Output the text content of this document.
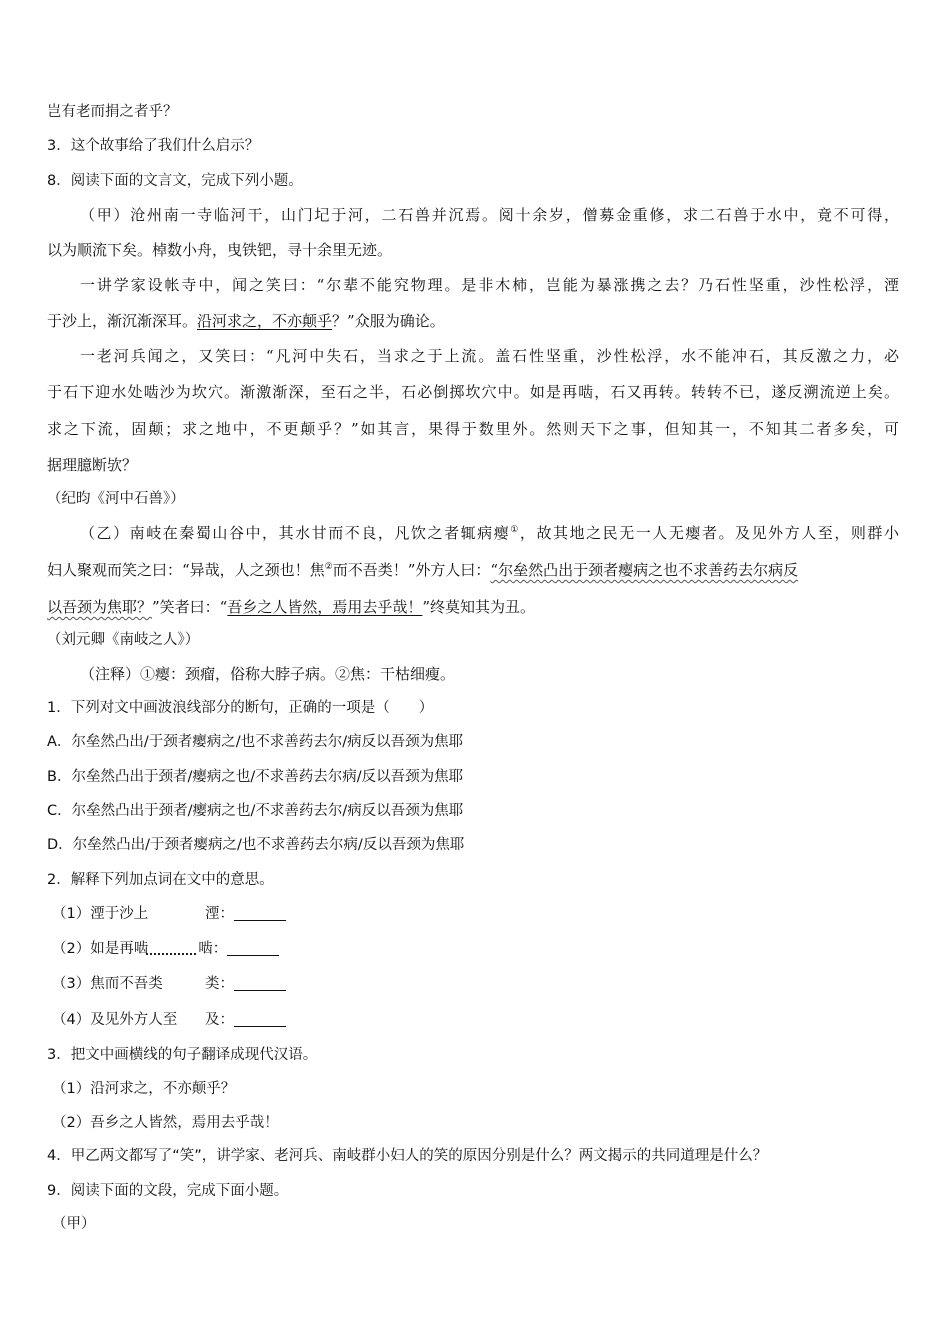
岂有老而捐之者乎？
3．这个故事给了我们什么启示？
8．阅读下面的文言文，完成下列小题。
（甲）沧州南一寺临河干，山门圮于河，二石兽并沉焉。阅十余岁，僧募金重修，求二石兽于水中，竟不可得，
以为顺流下矣。棹数小舟，曳铁钯，寻十余里无迹。
一讲学家设帐寺中，闻之笑曰：“尔辈不能究物理。是非木柿，岂能为暴涨携之去？乃石性坚重，沙性松浮，湮
于沙上，渐沉渐深耳。沿河求之，不亦颠乎？”众服为确论。
一老河兵闻之，又笑曰：“凡河中失石，当求之于上流。盖石性坚重，沙性松浮，水不能冲石，其反激之力，必
于石下迎水处啮沙为坎穴。渐激渐深，至石之半，石必倒掷坎穴中。如是再啮，石又再转。转转不已，遂反溯流逆上矣。
求之下流，固颠；求之地中，不更颠乎？”如其言，果得于数里外。然则天下之事，但知其一，不知其二者多矣，可
据理臆断欤？
（纪昀《河中石兽》）
（乙）南岐在秦蜀山谷中，其水甘而不良，凡饮之者辄病瘿①，故其地之民无一人无瘿者。及见外方人至，则群小
妇人聚观而笑之曰：“异哉，人之颈也！焦②而不吾类！”外方人曰：“尔垒然凸出于颈者瘿病之也不求善药去尔病反
以吾颈为焦耶？”笑者曰：“吾乡之人皆然，焉用去乎哉！”终莫知其为丑。
（刘元卿《南岐之人》）
（注释）①瘿：颈瘤，俗称大脖子病。②焦：干枯细瘦。
1．下列对文中画波浪线部分的断句，正确的一项是（　　）
A．尔垒然凸出/于颈者瘿病之/也不求善药去尔/病反以吾颈为焦耶
B．尔垒然凸出于颈者/瘿病之也/不求善药去尔病/反以吾颈为焦耶
C．尔垒然凸出于颈者/瘿病之也/不求善药去尔/病反以吾颈为焦耶
D．尔垒然凸出/于颈者瘿病之/也不求善药去尔病/反以吾颈为焦耶
2．解释下列加点词在文中的意思。
（1）湮于沙上	湮：
（2）如是再啮	啮：
（3）焦而不吾类	类：
（4）及见外方人至 及：
3．把文中画横线的句子翻译成现代汉语。
（1）沿河求之，不亦颠乎？
（2）吾乡之人皆然，焉用去乎哉！
4．甲乙两文都写了“笑”，讲学家、老河兵、南岐群小妇人的笑的原因分别是什么？两文揭示的共同道理是什么？
9．阅读下面的文段，完成下面小题。
（甲）
